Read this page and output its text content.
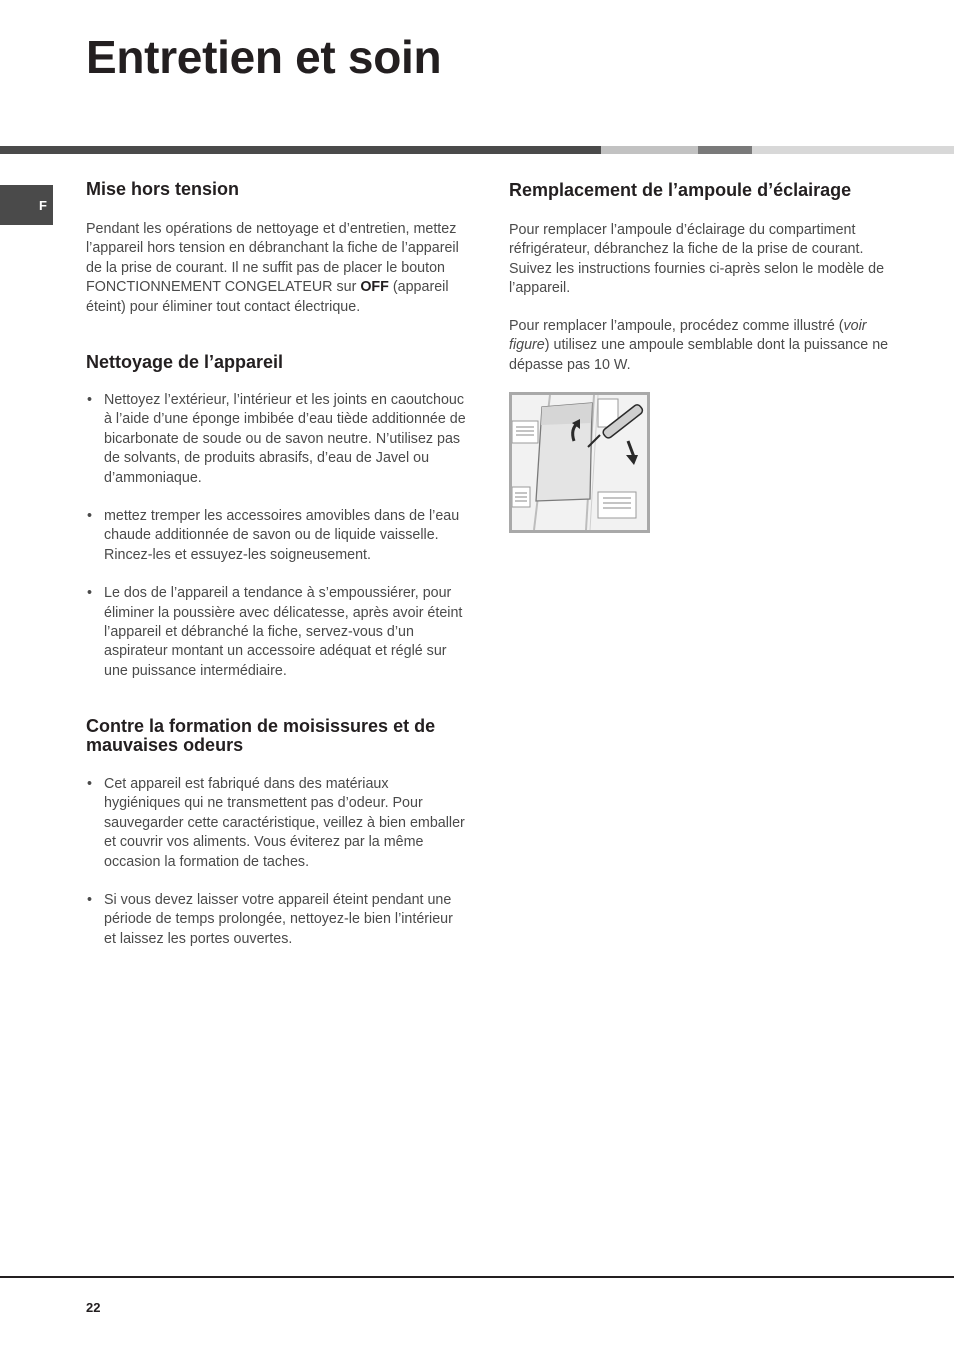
Entretien et soin
F
Mise hors tension

Pendant les opérations de nettoyage et d’entretien, mettez l’appareil hors tension en débranchant la fiche de l’appareil de la prise de courant. Il ne suffit pas de placer le bouton FONCTIONNEMENT CONGELATEUR sur OFF (appareil éteint) pour éliminer tout contact électrique.

Nettoyage de l’appareil
• Nettoyez l’extérieur, l’intérieur et les joints en caoutchouc à l’aide d’une éponge imbibée d’eau tiède additionnée de bicarbonate de soude ou de savon neutre. N’utilisez pas de solvants, de produits abrasifs, d’eau de Javel ou d’ammoniaque.
• mettez tremper les accessoires amovibles dans de l’eau chaude additionnée de savon ou de liquide vaisselle. Rincez-les et essuyez-les soigneusement.
• Le dos de l’appareil a tendance à s’empoussiérer, pour éliminer la poussière avec délicatesse, après avoir éteint l’appareil et débranché la fiche, servez-vous d’un aspirateur montant un accessoire adéquat et réglé sur une puissance intermédiaire.
Contre la formation de moisissures et de mauvaises odeurs
• Cet appareil est fabriqué dans des matériaux hygiéniques qui ne transmettent pas d’odeur. Pour sauvegarder cette caractéristique, veillez à bien emballer et couvrir vos aliments. Vous éviterez par la même occasion la formation de taches.
• Si vous devez laisser votre appareil éteint pendant une période de temps prolongée, nettoyez-le bien l’intérieur et laissez les portes ouvertes.
Remplacement de l’ampoule d’éclairage

Pour remplacer l’ampoule d’éclairage du compartiment réfrigérateur, débranchez la fiche de la prise de courant. Suivez les instructions fournies ci-après selon le modèle de l’appareil.

Pour remplacer l’ampoule, procédez comme illustré (voir figure) utilisez une ampoule semblable dont la puissance ne dépasse pas 10 W.

22
